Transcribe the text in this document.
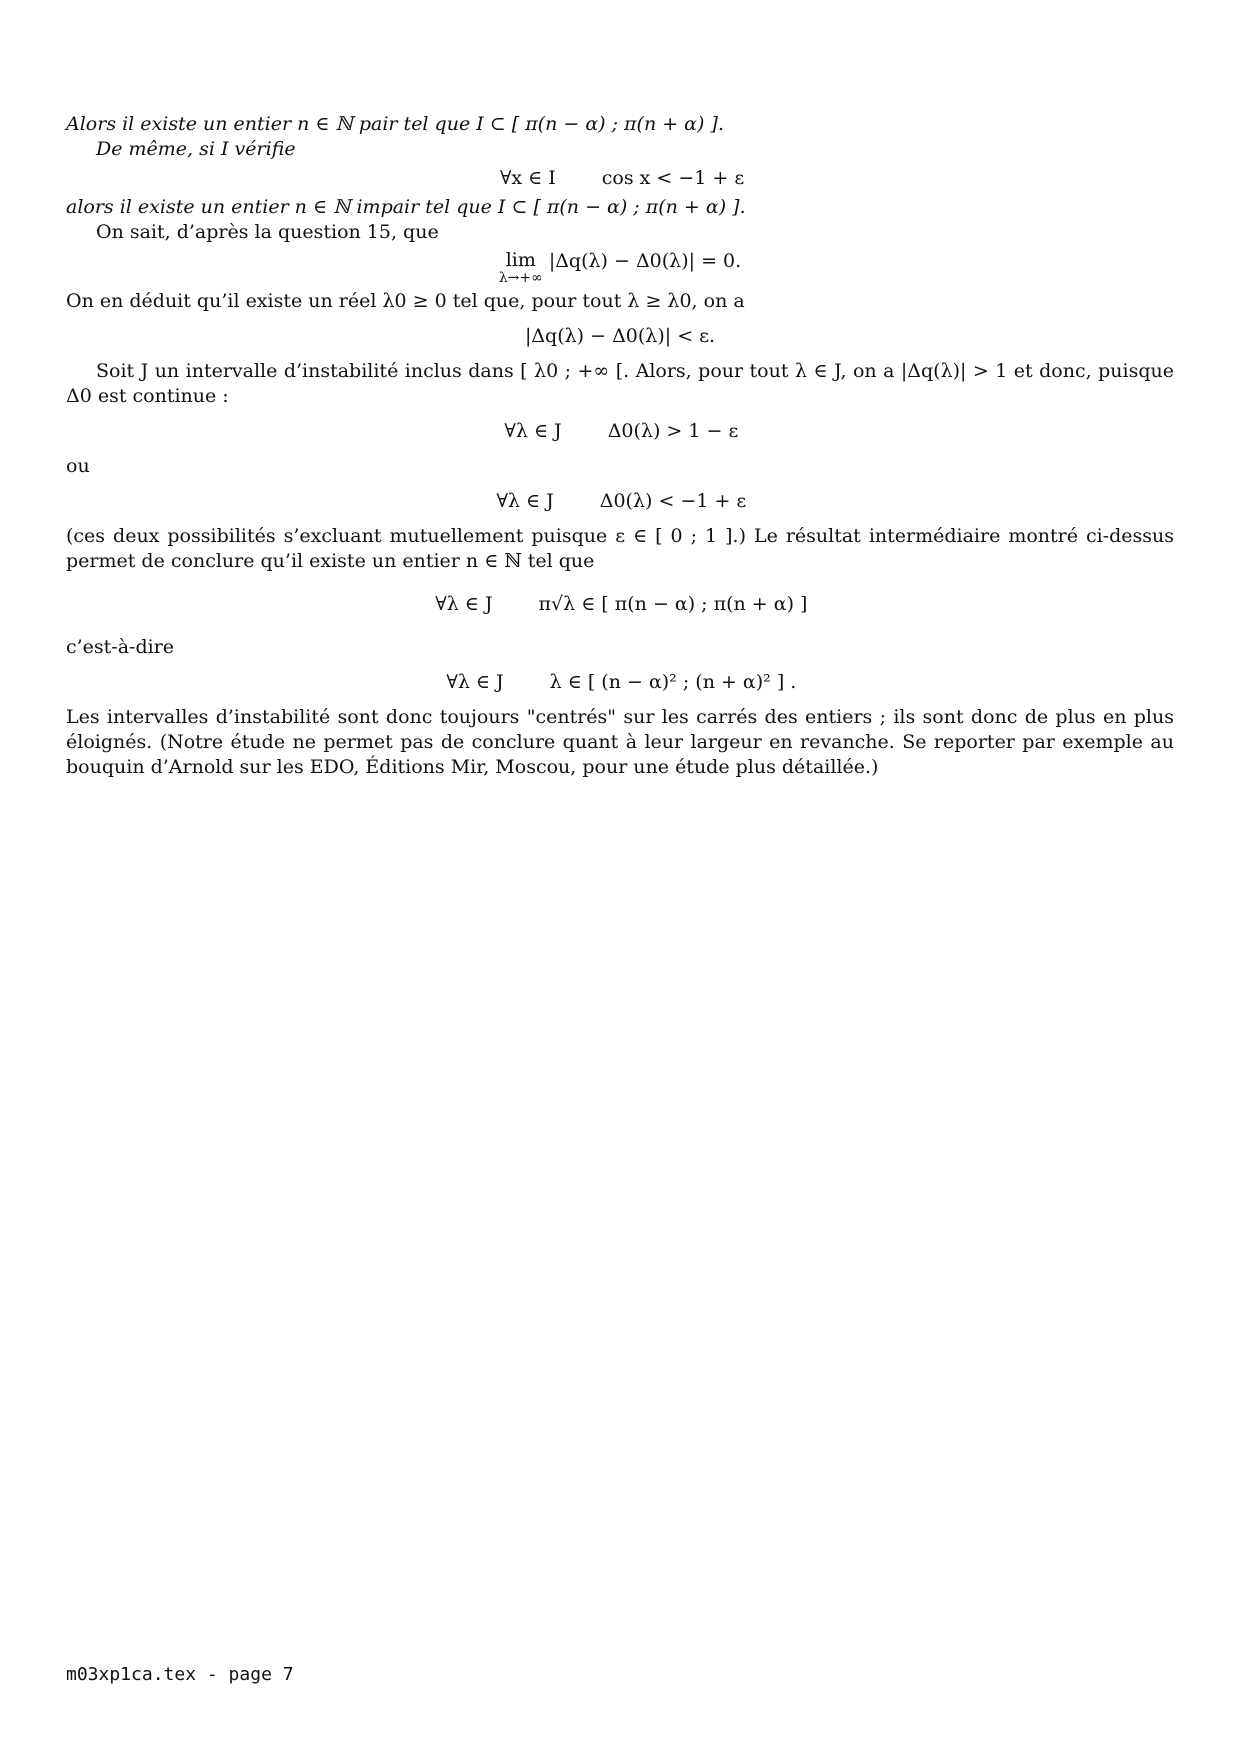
Alors il existe un entier n ∈ ℕ pair tel que I ⊂ [ π(n − α) ; π(n + α) ].

De même, si I vérifie

∀x ∈ I cos x < −1 + ε

alors il existe un entier n ∈ ℕ impair tel que I ⊂ [ π(n − α) ; π(n + α) ].

On sait, d’après la question 15, que

lim
λ→+∞
|Δq(λ) − Δ0(λ)| = 0.

On en déduit qu’il existe un réel λ0 ≥ 0 tel que, pour tout λ ≥ λ0, on a

|Δq(λ) − Δ0(λ)| < ε.

Soit J un intervalle d’instabilité inclus dans [ λ0 ; +∞ [. Alors, pour tout λ ∈ J, on a |Δq(λ)| > 1 et donc, puisque Δ0 est continue :

∀λ ∈ J Δ0(λ) > 1 − ε

ou

∀λ ∈ J Δ0(λ) < −1 + ε

(ces deux possibilités s’excluant mutuellement puisque ε ∈ [ 0 ; 1 ].) Le résultat intermédiaire montré ci-dessus permet de conclure qu’il existe un entier n ∈ ℕ tel que

∀λ ∈ J π√λ ∈ [ π(n − α) ; π(n + α) ]

c’est-à-dire

∀λ ∈ J λ ∈ [ (n − α)² ; (n + α)² ] .

Les intervalles d’instabilité sont donc toujours "centrés" sur les carrés des entiers ; ils sont donc de plus en plus éloignés. (Notre étude ne permet pas de conclure quant à leur largeur en revanche. Se reporter par exemple au bouquin d’Arnold sur les EDO, Éditions Mir, Moscou, pour une étude plus détaillée.)

m03xp1ca.tex - page 7
